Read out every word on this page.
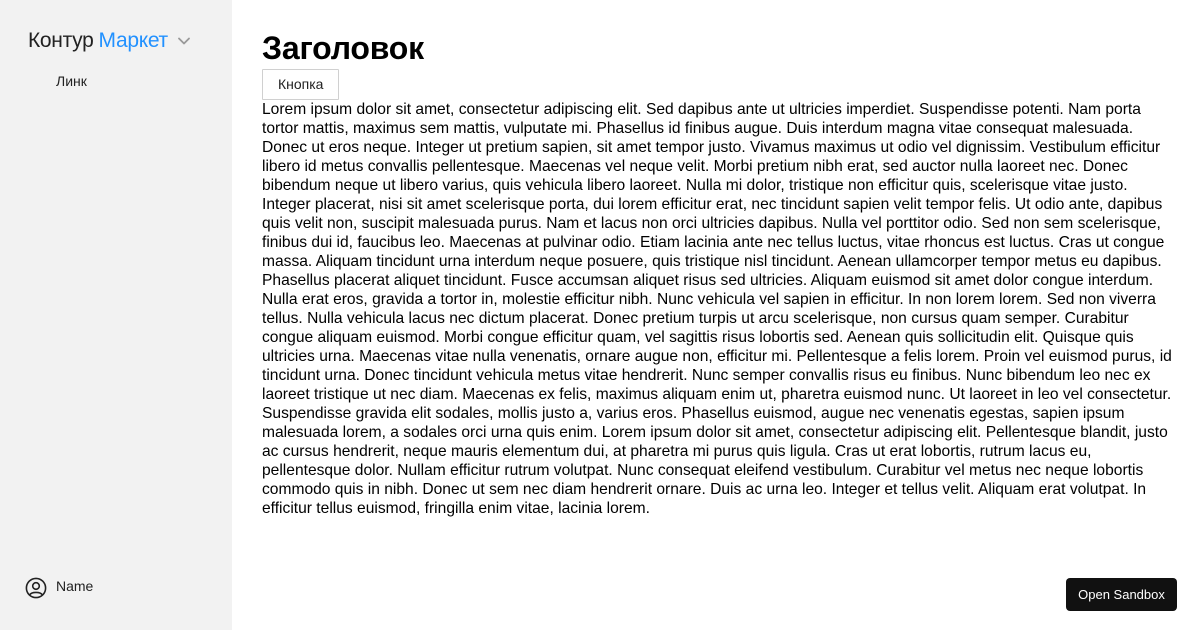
Контур Маркет
Линк
Name
Заголовок
Кнопка

Lorem ipsum dolor sit amet, consectetur adipiscing elit. Sed dapibus ante ut ultricies imperdiet. Suspendisse potenti. Nam porta tortor mattis, maximus sem mattis, vulputate mi. Phasellus id finibus augue. Duis interdum magna vitae consequat malesuada. Donec ut eros neque. Integer ut pretium sapien, sit amet tempor justo. Vivamus maximus ut odio vel dignissim. Vestibulum efficitur libero id metus convallis pellentesque. Maecenas vel neque velit. Morbi pretium nibh erat, sed auctor nulla laoreet nec. Donec bibendum neque ut libero varius, quis vehicula libero laoreet. Nulla mi dolor, tristique non efficitur quis, scelerisque vitae justo. Integer placerat, nisi sit amet scelerisque porta, dui lorem efficitur erat, nec tincidunt sapien velit tempor felis. Ut odio ante, dapibus quis velit non, suscipit malesuada purus. Nam et lacus non orci ultricies dapibus. Nulla vel porttitor odio. Sed non sem scelerisque, finibus dui id, faucibus leo. Maecenas at pulvinar odio. Etiam lacinia ante nec tellus luctus, vitae rhoncus est luctus. Cras ut congue massa. Aliquam tincidunt urna interdum neque posuere, quis tristique nisl tincidunt. Aenean ullamcorper tempor metus eu dapibus. Phasellus placerat aliquet tincidunt. Fusce accumsan aliquet risus sed ultricies. Aliquam euismod sit amet dolor congue interdum. Nulla erat eros, gravida a tortor in, molestie efficitur nibh. Nunc vehicula vel sapien in efficitur. In non lorem lorem. Sed non viverra tellus. Nulla vehicula lacus nec dictum placerat. Donec pretium turpis ut arcu scelerisque, non cursus quam semper. Curabitur congue aliquam euismod. Morbi congue efficitur quam, vel sagittis risus lobortis sed. Aenean quis sollicitudin elit. Quisque quis ultricies urna. Maecenas vitae nulla venenatis, ornare augue non, efficitur mi. Pellentesque a felis lorem. Proin vel euismod purus, id tincidunt urna. Donec tincidunt vehicula metus vitae hendrerit. Nunc semper convallis risus eu finibus. Nunc bibendum leo nec ex laoreet tristique ut nec diam. Maecenas ex felis, maximus aliquam enim ut, pharetra euismod nunc. Ut laoreet in leo vel consectetur. Suspendisse gravida elit sodales, mollis justo a, varius eros. Phasellus euismod, augue nec venenatis egestas, sapien ipsum malesuada lorem, a sodales orci urna quis enim. Lorem ipsum dolor sit amet, consectetur adipiscing elit. Pellentesque blandit, justo ac cursus hendrerit, neque mauris elementum dui, at pharetra mi purus quis ligula. Cras ut erat lobortis, rutrum lacus eu, pellentesque dolor. Nullam efficitur rutrum volutpat. Nunc consequat eleifend vestibulum. Curabitur vel metus nec neque lobortis commodo quis in nibh. Donec ut sem nec diam hendrerit ornare. Duis ac urna leo. Integer et tellus velit. Aliquam erat volutpat. In efficitur tellus euismod, fringilla enim vitae, lacinia lorem.

Open Sandbox
